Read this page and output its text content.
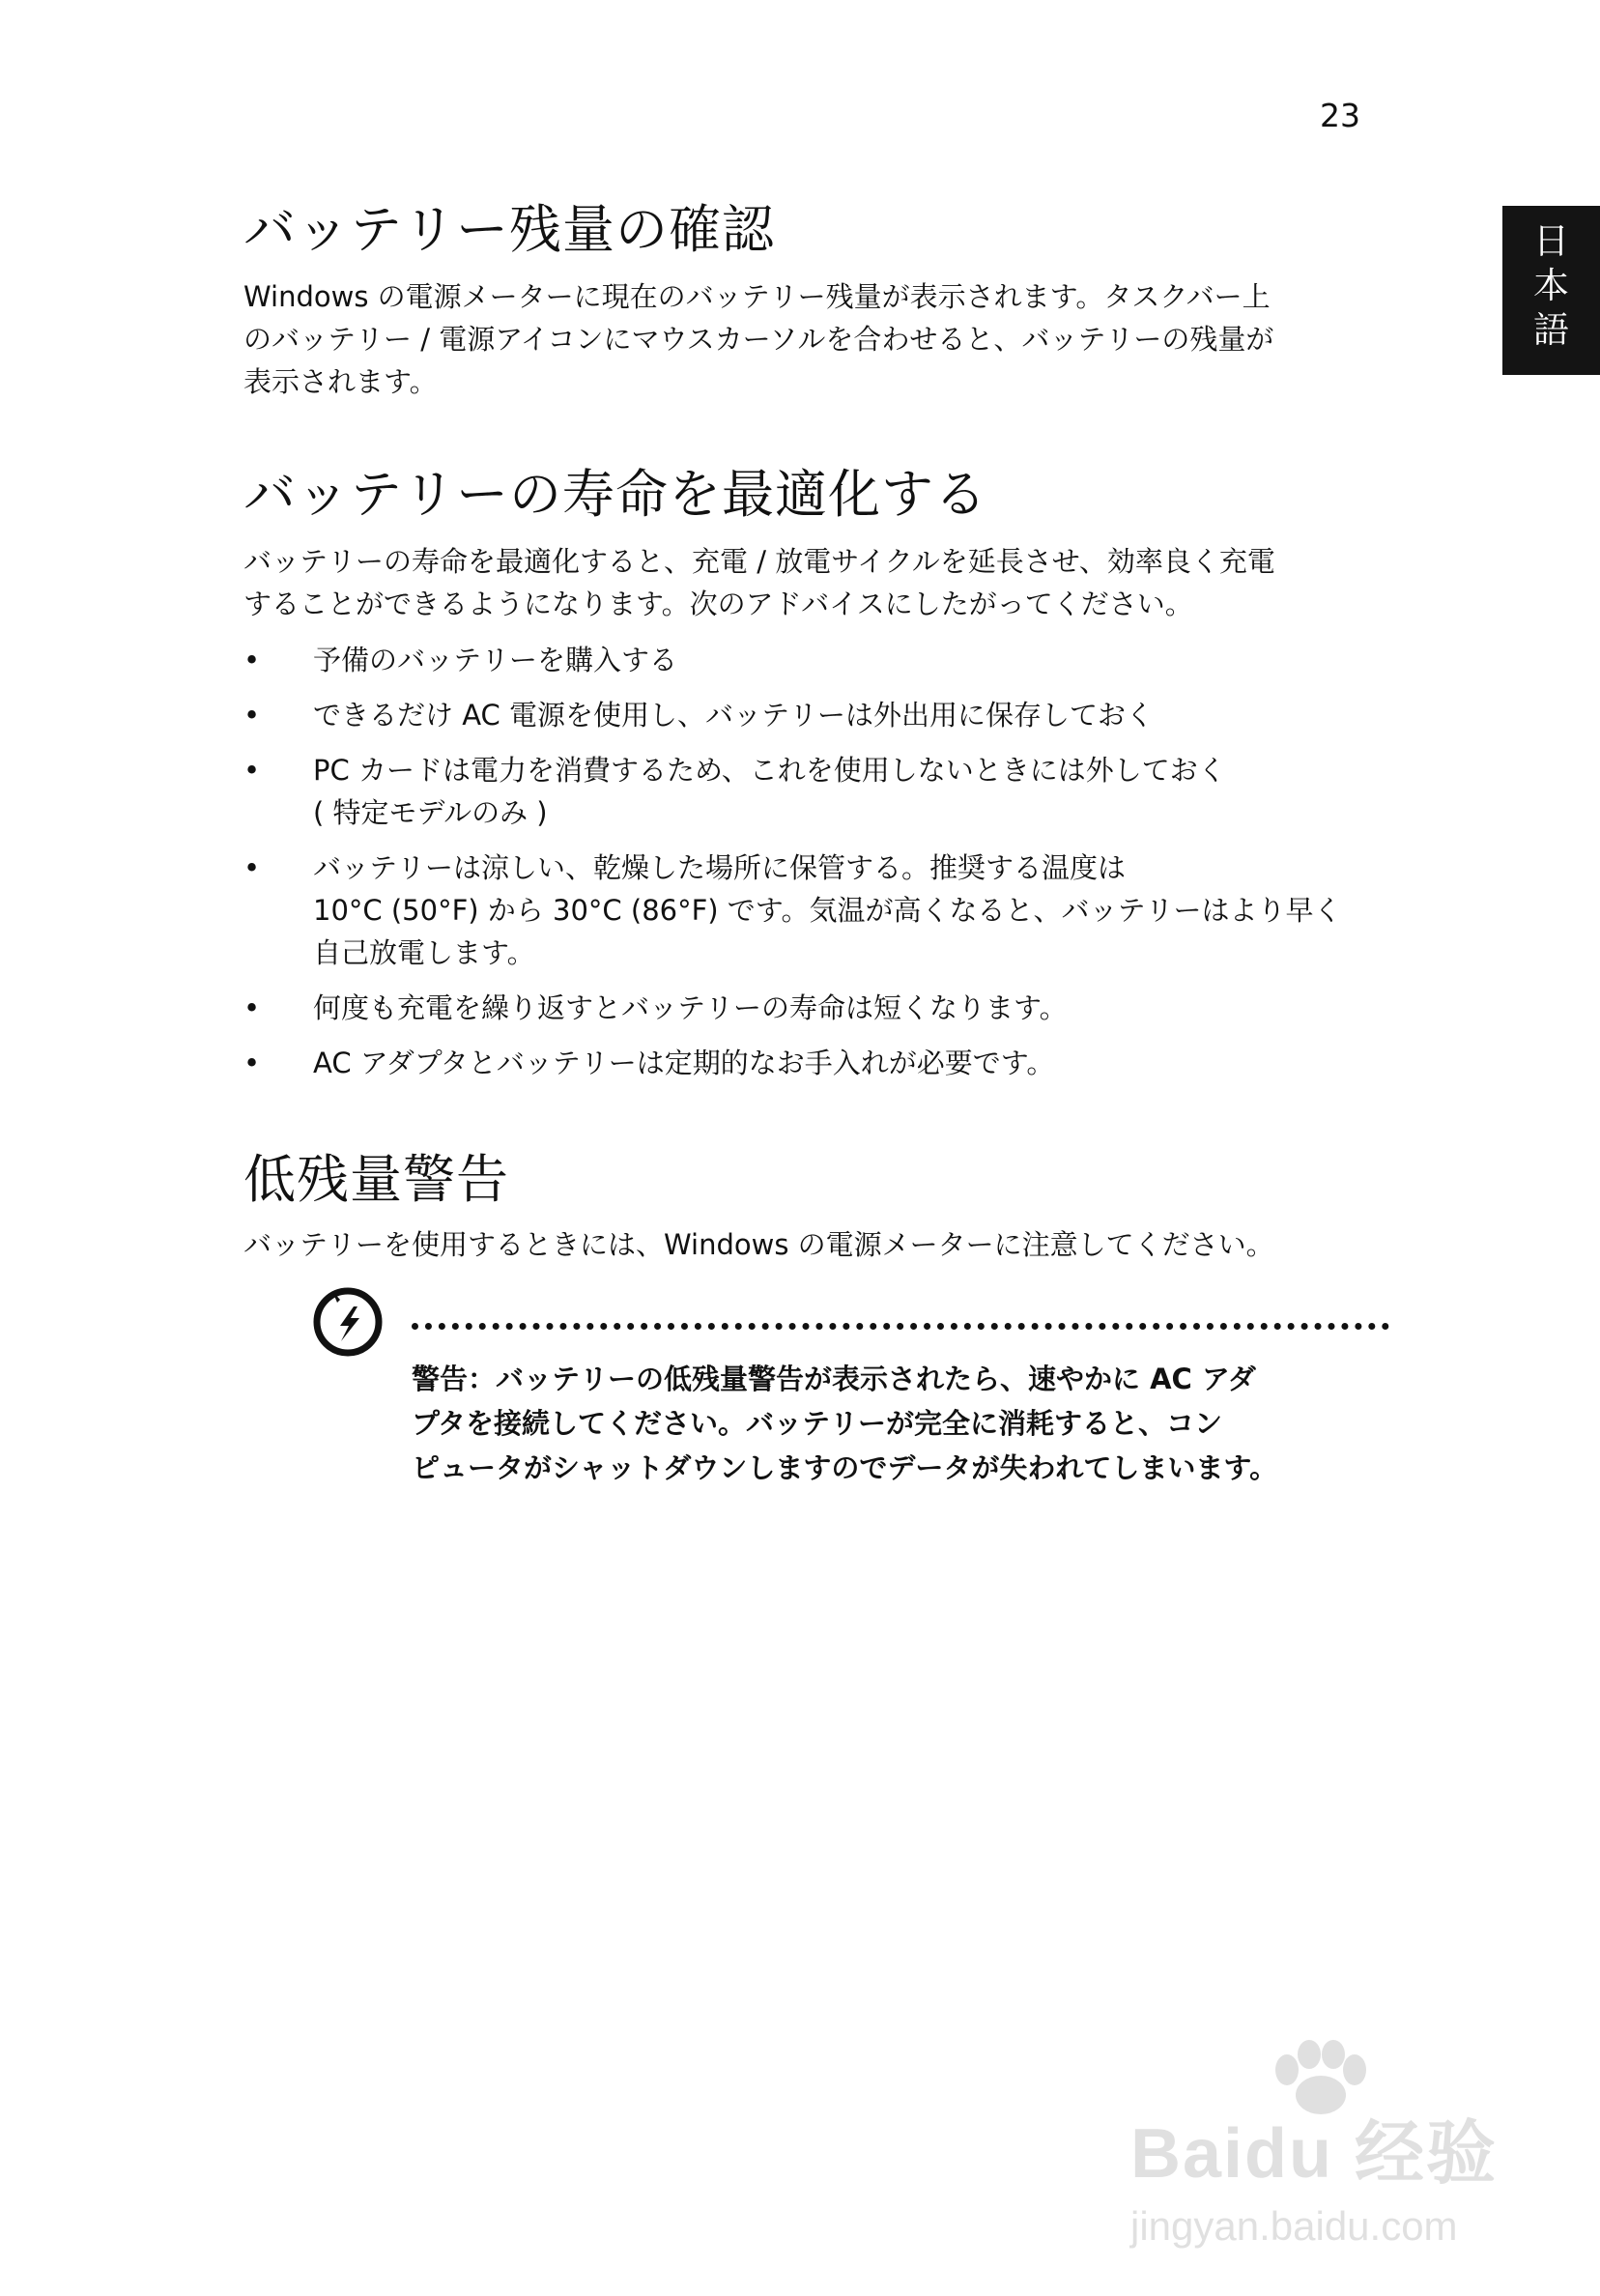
23
日
本
語
バッテリー残量の確認

Windows の電源メーターに現在のバッテリー残量が表示されます。タスクバー上
のバッテリー / 電源アイコンにマウスカーソルを合わせると、バッテリーの残量が
表示されます。

バッテリーの寿命を最適化する

バッテリーの寿命を最適化すると、充電 / 放電サイクルを延長させ、効率良く充電
することができるようになります。次のアドバイスにしたがってください。

• 予備のバッテリーを購入する
• できるだけ AC 電源を使用し、バッテリーは外出用に保存しておく
• PC カードは電力を消費するため、これを使用しないときには外しておく
( 特定モデルのみ )
• バッテリーは涼しい、乾燥した場所に保管する。推奨する温度は
10°C (50°F) から 30°C (86°F) です。気温が高くなると、バッテリーはより早く
自己放電します。
• 何度も充電を繰り返すとバッテリーの寿命は短くなります。
• AC アダプタとバッテリーは定期的なお手入れが必要です。
低残量警告

バッテリーを使用するときには、Windows の電源メーターに注意してください。

警告：バッテリーの低残量警告が表示されたら、速やかに AC アダ
プタを接続してください。バッテリーが完全に消耗すると、コン
ピュータがシャットダウンしますのでデータが失われてしまいます。
Baidu 经验
jingyan.baidu.com
